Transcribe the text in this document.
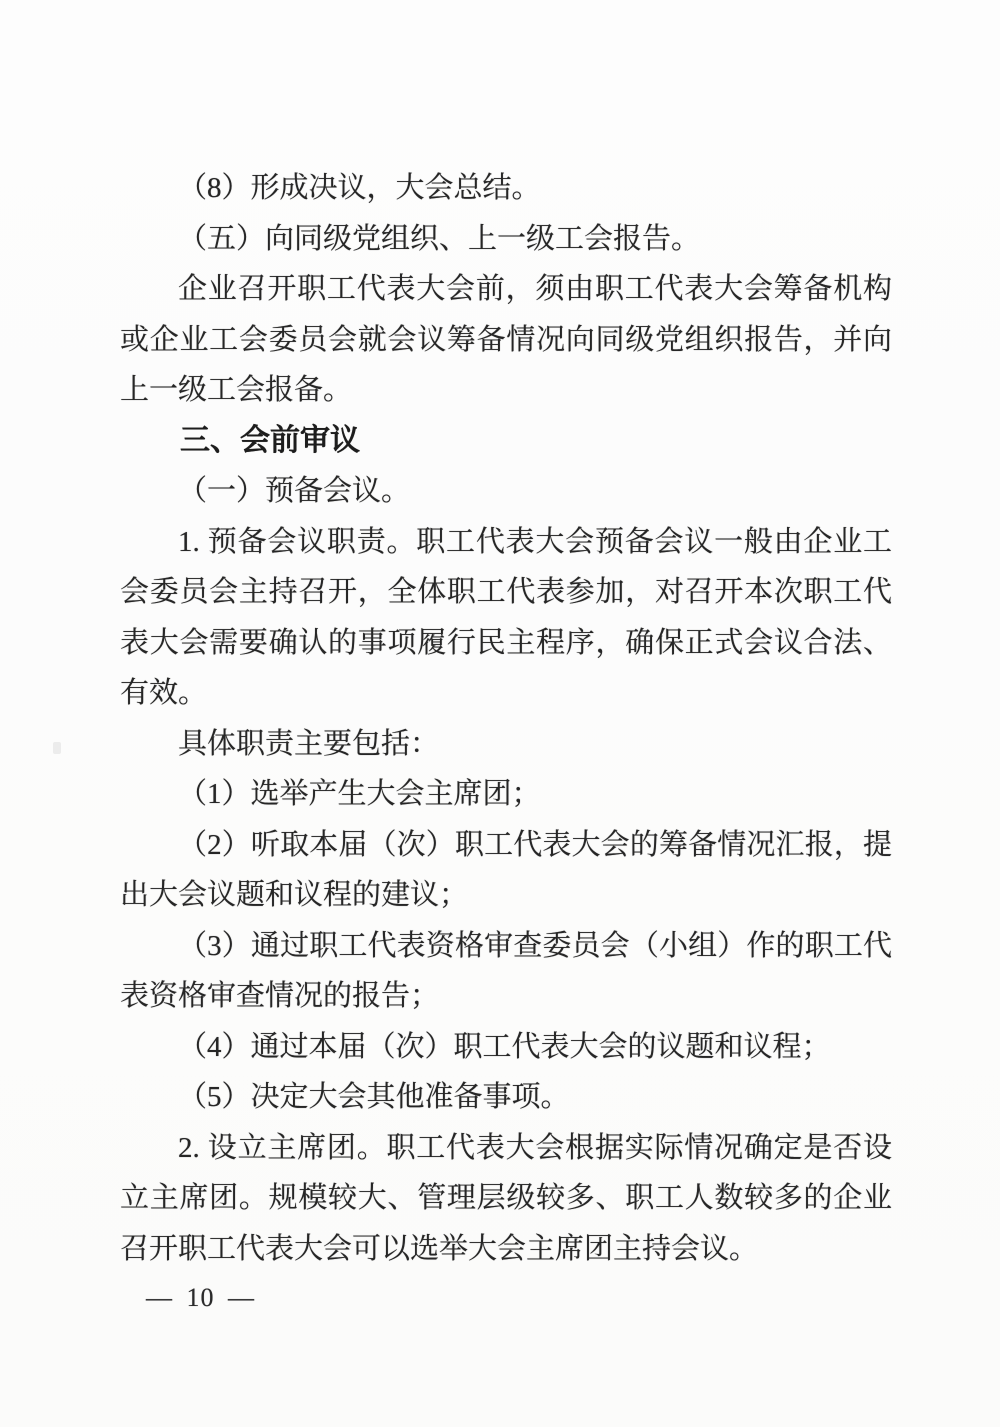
（8）形成决议，大会总结。

（五）向同级党组织、上一级工会报告。

企业召开职工代表大会前，须由职工代表大会筹备机构或企业工会委员会就会议筹备情况向同级党组织报告，并向上一级工会报备。

三、会前审议

（一）预备会议。

1. 预备会议职责。职工代表大会预备会议一般由企业工会委员会主持召开，全体职工代表参加，对召开本次职工代表大会需要确认的事项履行民主程序，确保正式会议合法、有效。

具体职责主要包括：

（1）选举产生大会主席团；

（2）听取本届（次）职工代表大会的筹备情况汇报，提出大会议题和议程的建议；

（3）通过职工代表资格审查委员会（小组）作的职工代表资格审查情况的报告；

（4）通过本届（次）职工代表大会的议题和议程；

（5）决定大会其他准备事项。

2. 设立主席团。职工代表大会根据实际情况确定是否设立主席团。规模较大、管理层级较多、职工人数较多的企业召开职工代表大会可以选举大会主席团主持会议。

— 10 —
